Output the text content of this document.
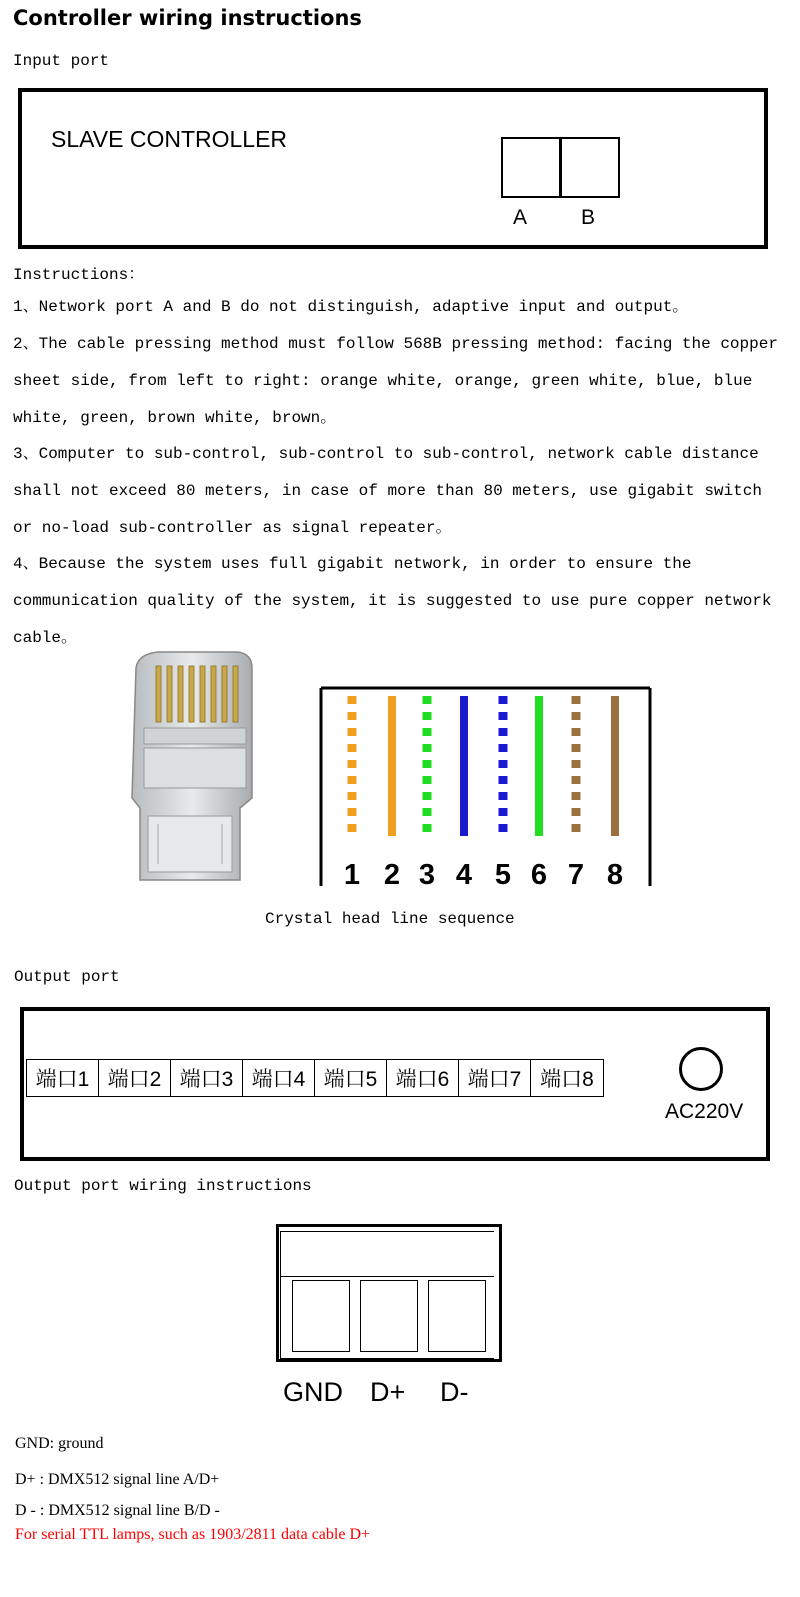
Controller wiring instructions
Input port
SLAVE CONTROLLER
A	B
Instructions：
1、Network port A and B do not distinguish, adaptive input and output。
2、The cable pressing method must follow 568B pressing method: facing the copper sheet side, from left to right: orange white, orange, green white, blue, blue white, green, brown white, brown。
3、Computer to sub-control, sub-control to sub-control, network cable distance shall not exceed 80 meters, in case of more than 80 meters, use gigabit switch or no-load sub-controller as signal repeater。
4、Because the system uses full gigabit network, in order to ensure the communication quality of the system, it is suggested to use pure copper network cable。
1 2 3 4 5 6 7 8
Crystal head line sequence
Output port
端口1 端口2 端口3 端口4 端口5 端口6 端口7 端口8
AC220V
Output port wiring instructions
GND D+ D-
GND: ground
D+ : DMX512 signal line A/D+
D - : DMX512 signal line B/D -
For serial TTL lamps, such as 1903/2811 data cable D+
